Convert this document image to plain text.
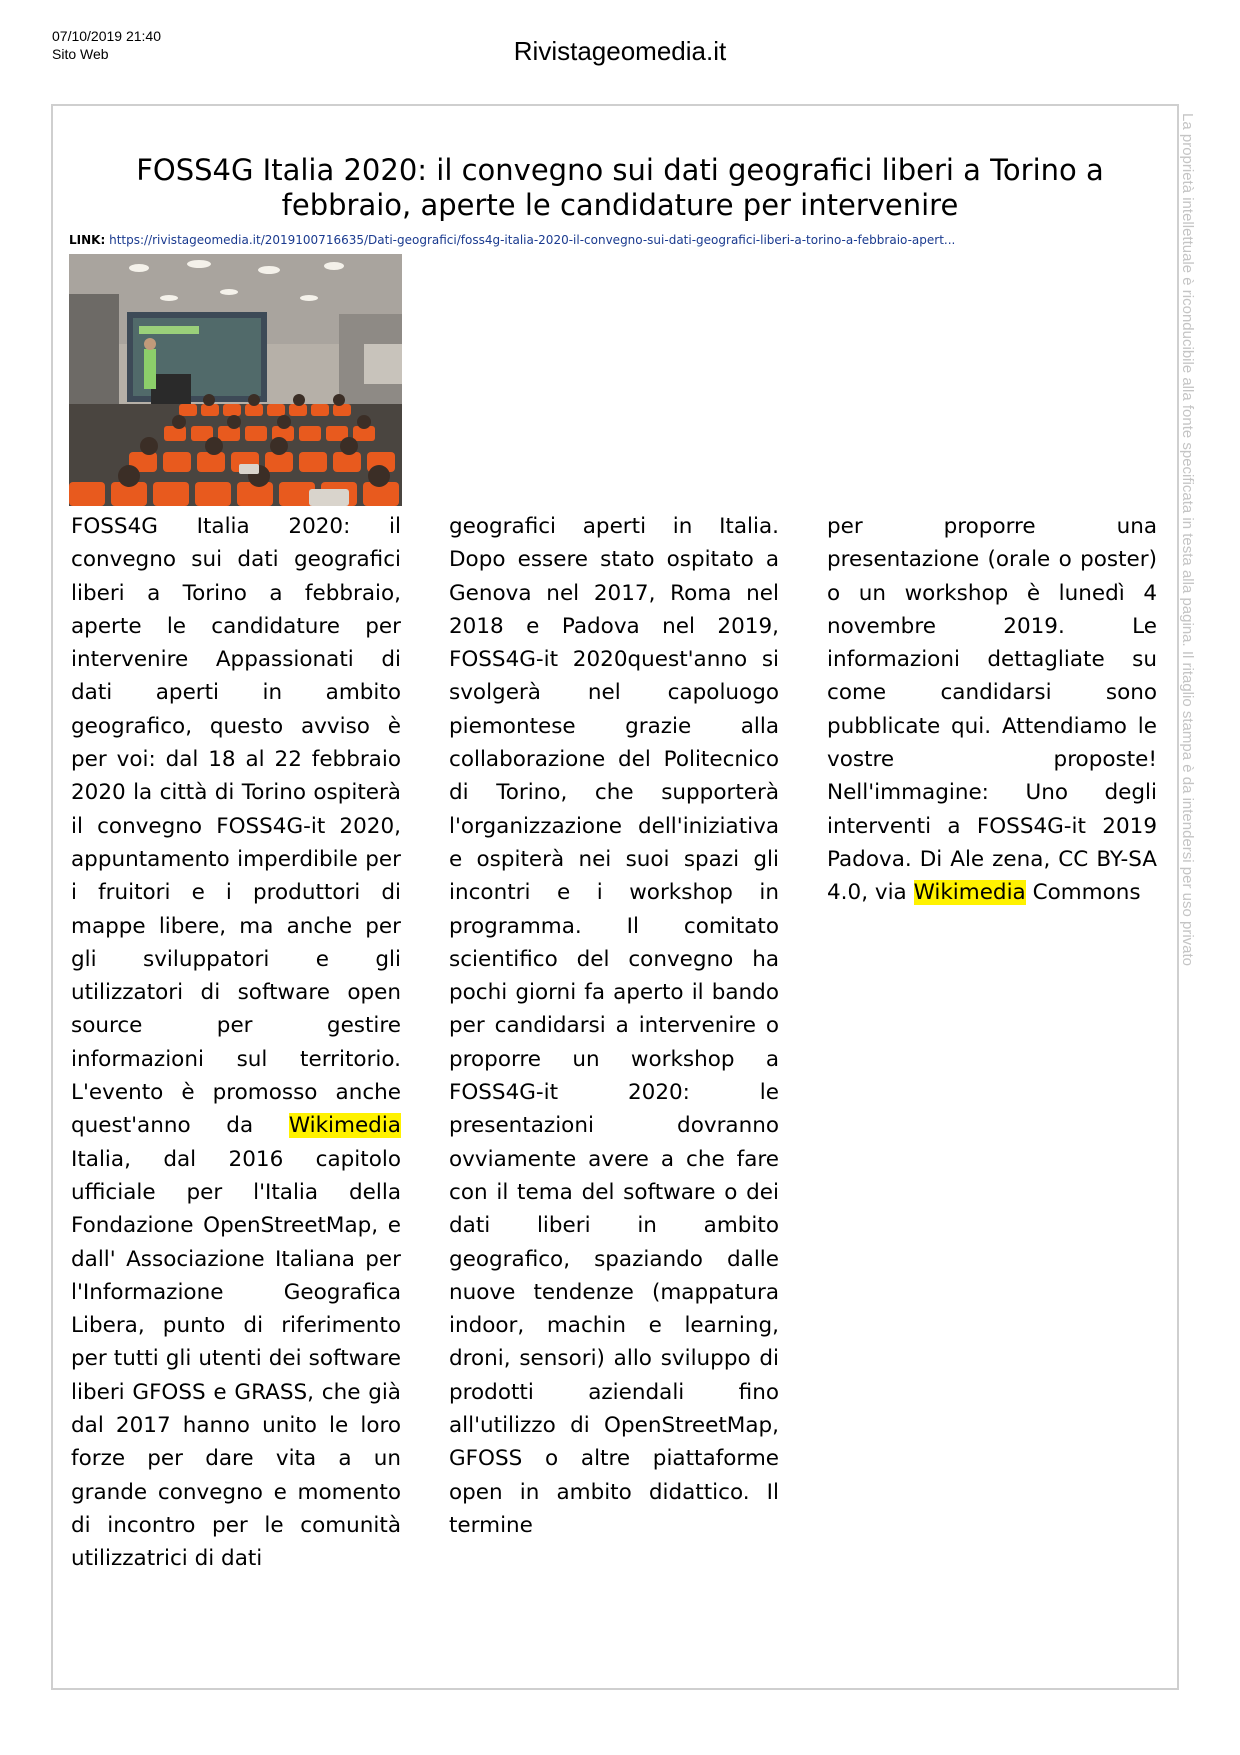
07/10/2019 21:40
Sito Web	Rivistageomedia.it
FOSS4G Italia 2020: il convegno sui dati geografici liberi a Torino a febbraio, aperte le candidature per intervenire
LINK: https://rivistageomedia.it/2019100716635/Dati-geografici/foss4g-italia-2020-il-convegno-sui-dati-geografici-liberi-a-torino-a-febbraio-apert...
FOSS4G Italia 2020: il convegno sui dati geografici liberi a Torino a febbraio, aperte le candidature per intervenire Appassionati di dati aperti in ambito geografico, questo avviso è per voi: dal 18 al 22 febbraio 2020 la città di Torino ospiterà il convegno FOSS4G-it 2020, appuntamento imperdibile per i fruitori e i produttori di mappe libere, ma anche per gli sviluppatori e gli utilizzatori di software open source per gestire informazioni sul territorio. L'evento è promosso anche quest'anno da Wikimedia Italia, dal 2016 capitolo ufficiale per l'Italia della Fondazione OpenStreetMap, e dall' Associazione Italiana per l'Informazione Geografica Libera, punto di riferimento per tutti gli utenti dei software liberi GFOSS e GRASS, che già dal 2017 hanno unito le loro forze per dare vita a un grande convegno e momento di incontro per le comunità utilizzatrici di dati
geografici aperti in Italia. Dopo essere stato ospitato a Genova nel 2017, Roma nel 2018 e Padova nel 2019, FOSS4G-it 2020quest'anno si svolgerà nel capoluogo piemontese grazie alla collaborazione del Politecnico di Torino, che supporterà l'organizzazione dell'iniziativa e ospiterà nei suoi spazi gli incontri e i workshop in programma. Il comitato scientifico del convegno ha pochi giorni fa aperto il bando per candidarsi a intervenire o proporre un workshop a FOSS4G-it 2020: le presentazioni dovranno ovviamente avere a che fare con il tema del software o dei dati liberi in ambito geografico, spaziando dalle nuove tendenze (mappatura indoor, machin e learning, droni, sensori) allo sviluppo di prodotti aziendali fino all'utilizzo di OpenStreetMap, GFOSS o altre piattaforme open in ambito didattico. Il termine
per proporre una presentazione (orale o poster) o un workshop è lunedì 4 novembre 2019. Le informazioni dettagliate su come candidarsi sono pubblicate qui. Attendiamo le vostre proposte! Nell'immagine: Uno degli interventi a FOSS4G-it 2019 Padova. Di Ale zena, CC BY-SA 4.0, via Wikimedia Commons	La proprietà intellettuale è riconducibile alla fonte specificata in testa alla pagina. Il ritaglio stampa è da intendersi per uso privato
